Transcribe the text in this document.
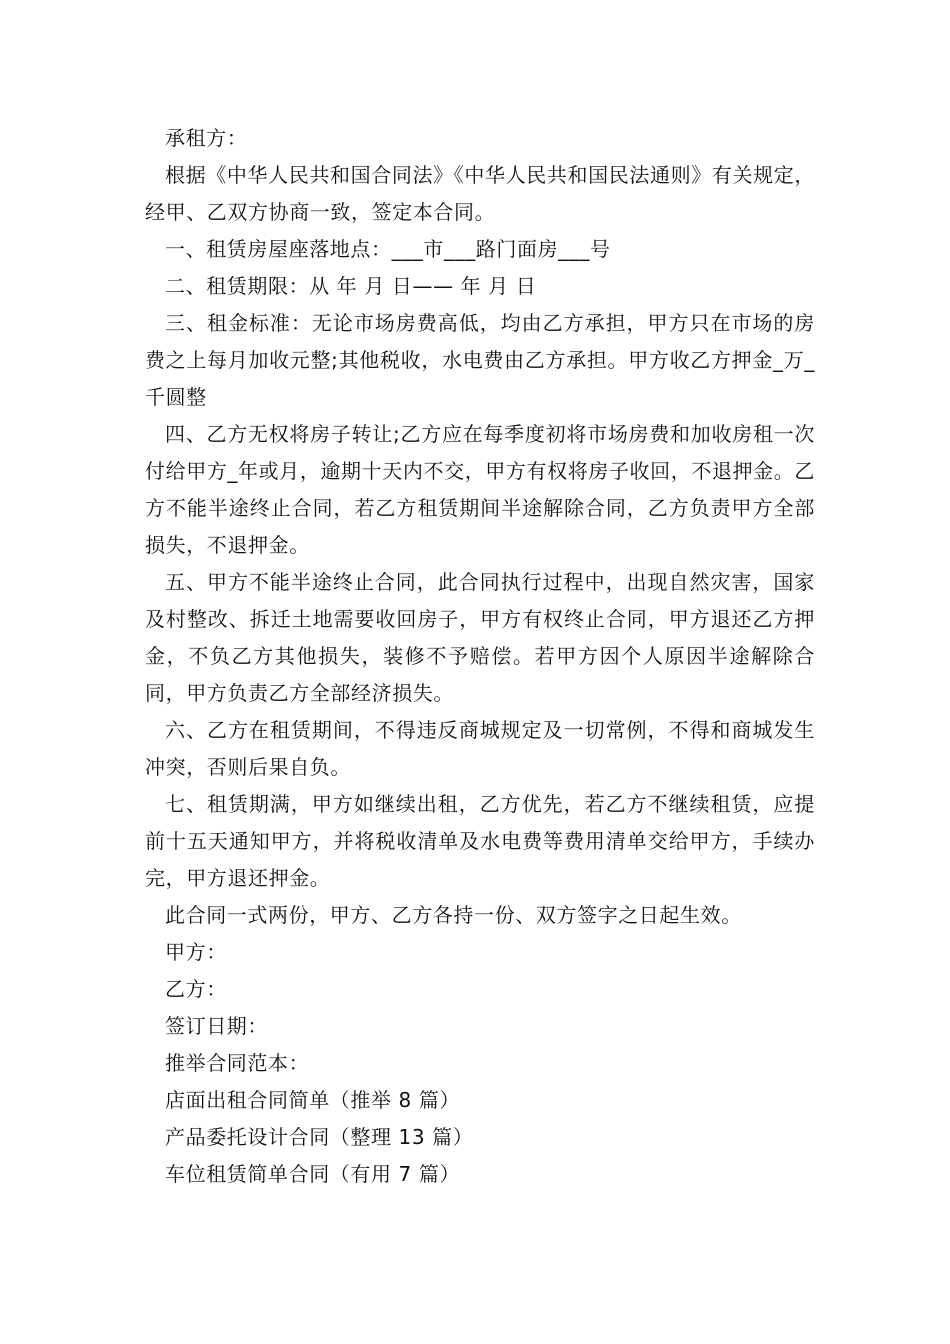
承租方：

根据《中华人民共和国合同法》《中华人民共和国民法通则》有关规定，经甲、乙双方协商一致，签定本合同。

一、租赁房屋座落地点：___市___路门面房___号

二、租赁期限：从 年 月 日—— 年 月 日

三、租金标准：无论市场房费高低，均由乙方承担，甲方只在市场的房费之上每月加收元整;其他税收，水电费由乙方承担。甲方收乙方押金_万_千圆整

四、乙方无权将房子转让;乙方应在每季度初将市场房费和加收房租一次付给甲方_年或月，逾期十天内不交，甲方有权将房子收回，不退押金。乙方不能半途终止合同，若乙方租赁期间半途解除合同，乙方负责甲方全部损失，不退押金。

五、甲方不能半途终止合同，此合同执行过程中，出现自然灾害，国家及村整改、拆迁土地需要收回房子，甲方有权终止合同，甲方退还乙方押金，不负乙方其他损失，装修不予赔偿。若甲方因个人原因半途解除合同，甲方负责乙方全部经济损失。

六、乙方在租赁期间，不得违反商城规定及一切常例，不得和商城发生冲突，否则后果自负。

七、租赁期满，甲方如继续出租，乙方优先，若乙方不继续租赁，应提前十五天通知甲方，并将税收清单及水电费等费用清单交给甲方，手续办完，甲方退还押金。

此合同一式两份，甲方、乙方各持一份、双方签字之日起生效。

甲方：

乙方：

签订日期：

推举合同范本：

店面出租合同简单（推举 8 篇）

产品委托设计合同（整理 13 篇）

车位租赁简单合同（有用 7 篇）
